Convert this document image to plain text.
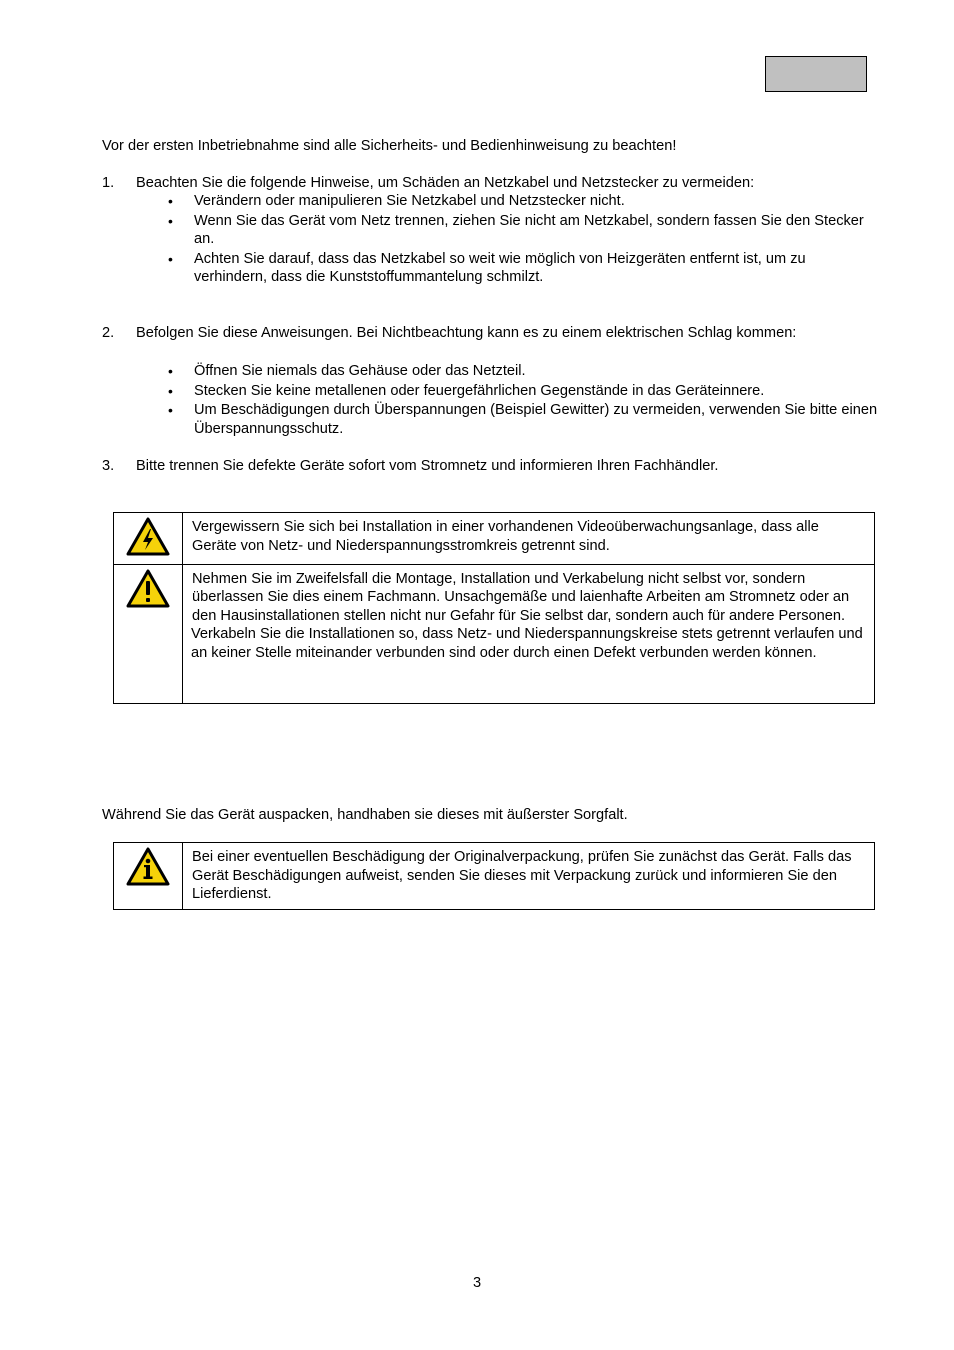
Vor der ersten Inbetriebnahme sind alle Sicherheits- und Bedienhinweisung zu beachten!
1. Beachten Sie die folgende Hinweise, um Schäden an Netzkabel und Netzstecker zu vermeiden:
• Verändern oder manipulieren Sie Netzkabel und Netzstecker nicht.
• Wenn Sie das Gerät vom Netz trennen, ziehen Sie nicht am Netzkabel, sondern fassen Sie den Stecker an.
• Achten Sie darauf, dass das Netzkabel so weit wie möglich von Heizgeräten entfernt ist, um zu verhindern, dass die Kunststoffummantelung schmilzt.
2. Befolgen Sie diese Anweisungen. Bei Nichtbeachtung kann es zu einem elektrischen Schlag kommen:
• Öffnen Sie niemals das Gehäuse oder das Netzteil.
• Stecken Sie keine metallenen oder feuergefährlichen Gegenstände in das Geräteinnere.
• Um Beschädigungen durch Überspannungen (Beispiel Gewitter) zu vermeiden, verwenden Sie bitte einen Überspannungsschutz.
3. Bitte trennen Sie defekte Geräte sofort vom Stromnetz und informieren Ihren Fachhändler.
	Vergewissern Sie sich bei Installation in einer vorhandenen Videoüberwachungsanlage, dass alle Geräte von Netz- und Niederspannungsstromkreis getrennt sind.

Nehmen Sie im Zweifelsfall die Montage, Installation und Verkabelung nicht selbst vor, sondern überlassen Sie dies einem Fachmann. Unsachgemäße und laienhafte Arbeiten am Stromnetz oder an den Hausinstallationen stellen nicht nur Gefahr für Sie selbst dar, sondern auch für andere Personen.
Verkabeln Sie die Installationen so, dass Netz- und Niederspannungskreise stets getrennt verlaufen und an keiner Stelle miteinander verbunden sind oder durch einen Defekt verbunden werden können.
Während Sie das Gerät auspacken, handhaben sie dieses mit äußerster Sorgfalt.
	Bei einer eventuellen Beschädigung der Originalverpackung, prüfen Sie zunächst das Gerät. Falls das Gerät Beschädigungen aufweist, senden Sie dieses mit Verpackung zurück und informieren Sie den Lieferdienst.
3
